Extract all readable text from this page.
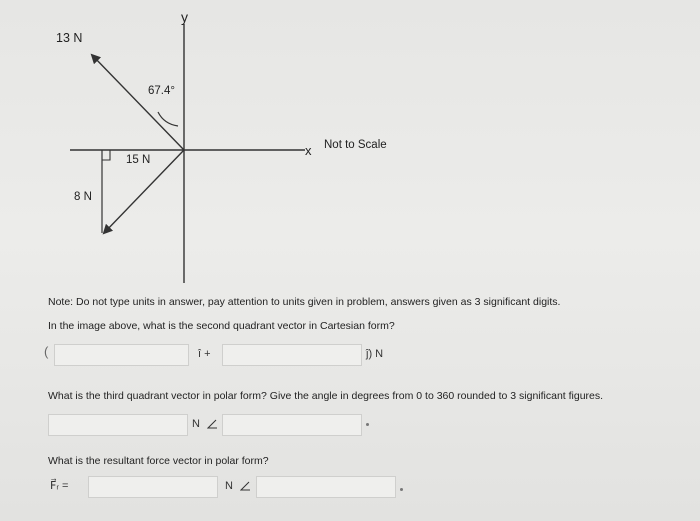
y
x Not to Scale
13 N
67.4°
15 N
8 N
Note: Do not type units in answer, pay attention to units given in problem, answers given as 3 significant digits.
In the image above, what is the second quadrant vector in Cartesian form?
(	î +	ĵ) N
What is the third quadrant vector in polar form? Give the angle in degrees from 0 to 360 rounded to 3 significant figures.
N
What is the resultant force vector in polar form?
F⃗ᵣ =	N
